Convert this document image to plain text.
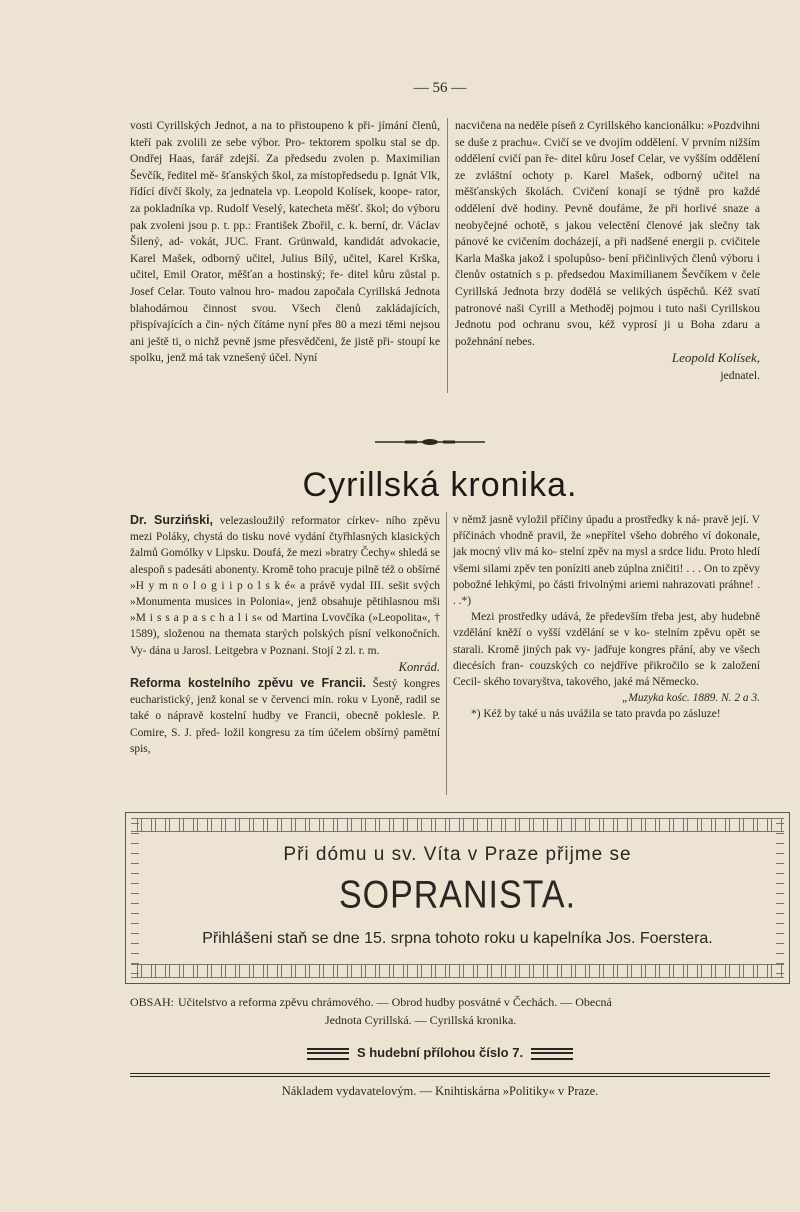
— 56 —
vosti Cyrillských Jednot, a na to přistoupeno k při- jímání členů, kteří pak zvolili ze sebe výbor. Pro- tektorem spolku stal se dp. Ondřej Haas, farář zdejší. Za předsedu zvolen p. Maximilian Ševčík, ředitel mě- šťanských škol, za místopředsedu p. Ignát Vlk, řídící dívčí školy, za jednatela vp. Leopold Kolísek, koope- rator, za pokladníka vp. Rudolf Veselý, katecheta měšť. škol; do výboru pak zvoleni jsou p. t. pp.: František Zbořil, c. k. berní, dr. Václav Šilený, ad- vokát, JUC. Frant. Grünwald, kandidát advokacie, Karel Mašek, odborný učitel, Julius Bílý, učitel, Karel Krška, učitel, Emil Orator, měšťan a hostinský; ře- ditel kůru zůstal p. Josef Celar. Touto valnou hro- madou započala Cyrillská Jednota blahodárnou činnost svou. Všech členů zakládajících, přispívajících a čin- ných čítáme nyní přes 80 a mezi těmi nejsou ani ještě ti, o nichž pevně jsme přesvědčeni, že jistě při- stoupí ke spolku, jenž má tak vznešený účel. Nyní
nacvičena na neděle píseň z Cyrillského kancionálku: »Pozdvihni se duše z prachu«. Cvičí se ve dvojím oddělení. V prvním nižším oddělení cvičí pan ře- ditel kůru Josef Celar, ve vyšším oddělení ze zvláštní ochoty p. Karel Mašek, odborný učitel na měšťanských školách. Cvičení konají se týdně pro každé oddělení dvě hodiny. Pevně doufáme, že při horlivé snaze a neobyčejné ochotě, s jakou velectění členové jak slečny tak pánové ke cvičením docházejí, a při nadšené energii p. cvičitele Karla Maška jakož i spolupůso- bení přičinlivých členů výboru i členův ostatních s p. předsedou Maximilianem Ševčíkem v čele Cyrillská Jednota brzy dodělá se velikých úspěchů. Kéž svatí patronové naši Cyrill a Methoděj pojmou i tuto naši Cyrillskou Jednotu pod ochranu svou, kéž vyprosí ji u Boha zdaru a požehnání nebes.

Leopold Kolísek,

jednatel.

Cyrillská kronika.

Dr. Surziński, velezasloužilý reformator církev- ního zpěvu mezi Poláky, chystá do tisku nové vydání čtyřhlasných klasických žalmů Gomólky v Lipsku. Doufá, že mezi »bratry Čechy« shledá se alespoň s padesáti abonenty. Kromě toho pracuje pilně též o obšírné »H y m n o l o g i i p o l s k é« a právě vydal III. sešit svých »Monumenta musices in Polonia«, jenž obsahuje pětihlasnou mši »M i s s a p a s c h a l i s« od Martina Lvovčíka (»Leopolita«, † 1589), složenou na themata starých polských písní velkonočních. Vy- dána u Jarosl. Leitgebra v Poznani. Stojí 2 zl. r. m.

Konrád.

Reforma kostelního zpěvu ve Francii. Šestý kongres eucharistický, jenž konal se v červenci min. roku v Lyoně, radil se také o nápravě kostelní hudby ve Francii, obecně poklesle. P. Comire, S. J. před- ložil kongresu za tím účelem obšírný pamětní spis,

v němž jasně vyložil příčiny úpadu a prostředky k ná- pravě její. V příčinách vhodně pravil, že »nepřítel všeho dobrého ví dokonale, jak mocný vliv má ko- stelní zpěv na mysl a srdce lidu. Proto hledí všemi silami zpěv ten poníziti aneb zúplna zničiti! . . . On to zpěvy pobožné lehkými, po části frivolnými ariemi nahrazovati práhne! . . .*)

Mezi prostředky udává, že především třeba jest, aby hudebně vzdělání kněží o vyšší vzdělání se v ko- stelním zpěvu opět se starali. Kromě jiných pak vy- jadřuje kongres přání, aby ve všech diecésích fran- couzských co nejdříve přikročilo se k založení Cecil- ského tovaryštva, takového, jaké má Německo.

„Muzyka kośc. 1889. N. 2 a 3.

*) Kéž by také u nás uvážila se tato pravda po zásluze!

Při dómu u sv. Víta v Praze přijme se
SOPRANISTA.
Přihlášeni staň se dne 15. srpna tohoto roku u kapelníka Jos. Foerstera.
OBSAH: Učitelstvo a reforma zpěvu chrámového. — Obrod hudby posvátné v Čechách. — Obecná
Jednota Cyrillská. — Cyrillská kronika.
S hudební přílohou číslo 7.
Nákladem vydavatelovým. — Knihtiskárna »Politiky« v Praze.
